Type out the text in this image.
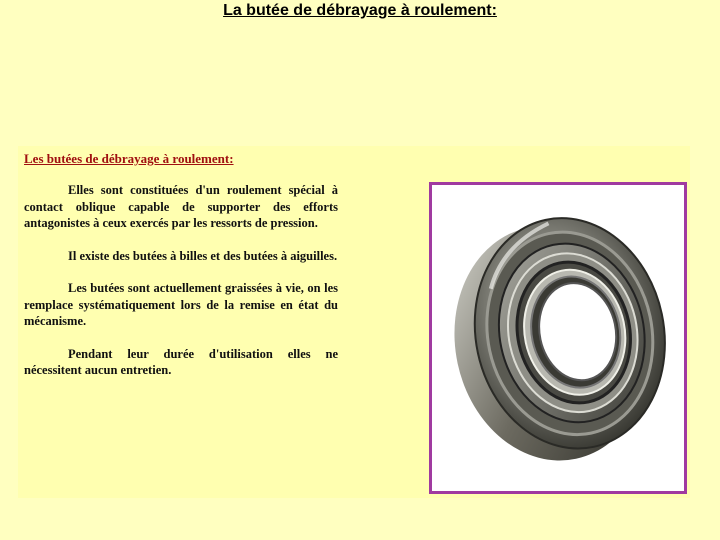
La butée de débrayage à roulement:
Les butées de débrayage à roulement:

Elles sont constituées d'un roulement spécial à contact oblique capable de supporter des efforts antagonistes à ceux exercés par les ressorts de pression.

Il existe des butées à billes et des butées à aiguilles.

Les butées sont actuellement graissées à vie, on les remplace systématiquement lors de la remise en état du mécanisme.

Pendant leur durée d'utilisation elles ne nécessitent aucun entretien.
